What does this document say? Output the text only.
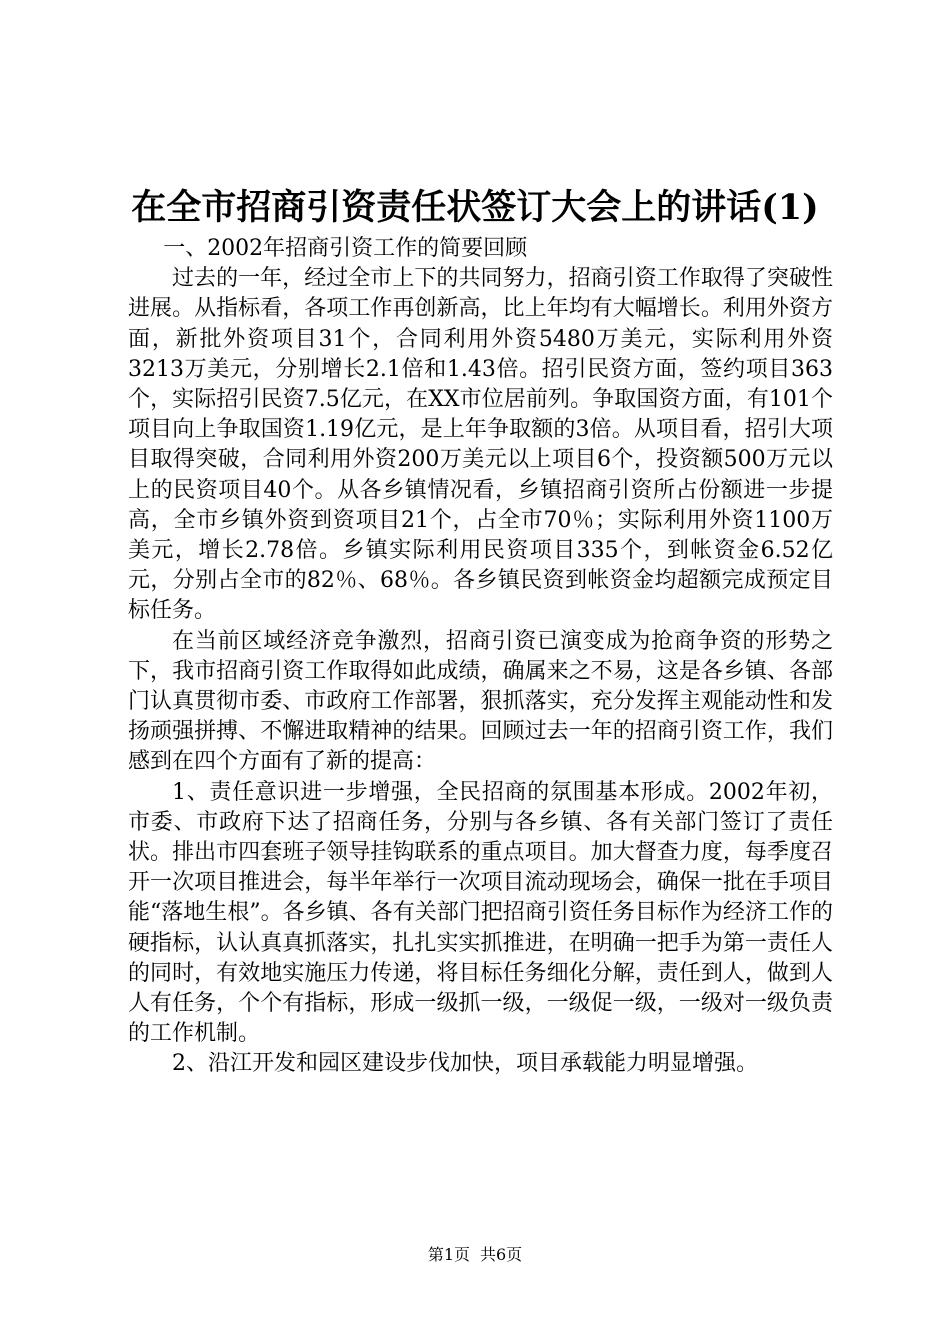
在全市招商引资责任状签订大会上的讲话(1)

一、2002年招商引资工作的简要回顾

过去的一年，经过全市上下的共同努力，招商引资工作取得了突破性进展。从指标看，各项工作再创新高，比上年均有大幅增长。利用外资方面，新批外资项目31个，合同利用外资5480万美元，实际利用外资3213万美元，分别增长2.1倍和1.43倍。招引民资方面，签约项目363个，实际招引民资7.5亿元，在XX市位居前列。争取国资方面，有101个项目向上争取国资1.19亿元，是上年争取额的3倍。从项目看，招引大项目取得突破，合同利用外资200万美元以上项目6个，投资额500万元以上的民资项目40个。从各乡镇情况看，乡镇招商引资所占份额进一步提高，全市乡镇外资到资项目21个，占全市70％；实际利用外资1100万美元，增长2.78倍。乡镇实际利用民资项目335个，到帐资金6.52亿元，分别占全市的82％、68％。各乡镇民资到帐资金均超额完成预定目标任务。

在当前区域经济竞争激烈，招商引资已演变成为抢商争资的形势之下，我市招商引资工作取得如此成绩，确属来之不易，这是各乡镇、各部门认真贯彻市委、市政府工作部署，狠抓落实，充分发挥主观能动性和发扬顽强拼搏、不懈进取精神的结果。回顾过去一年的招商引资工作，我们感到在四个方面有了新的提高：

1、责任意识进一步增强，全民招商的氛围基本形成。2002年初，市委、市政府下达了招商任务，分别与各乡镇、各有关部门签订了责任状。排出市四套班子领导挂钩联系的重点项目。加大督查力度，每季度召开一次项目推进会，每半年举行一次项目流动现场会，确保一批在手项目能“落地生根”。各乡镇、各有关部门把招商引资任务目标作为经济工作的硬指标，认认真真抓落实，扎扎实实抓推进，在明确一把手为第一责任人的同时，有效地实施压力传递，将目标任务细化分解，责任到人，做到人人有任务，个个有指标，形成一级抓一级，一级促一级，一级对一级负责的工作机制。

2、沿江开发和园区建设步伐加快，项目承载能力明显增强。

第1页 共6页
